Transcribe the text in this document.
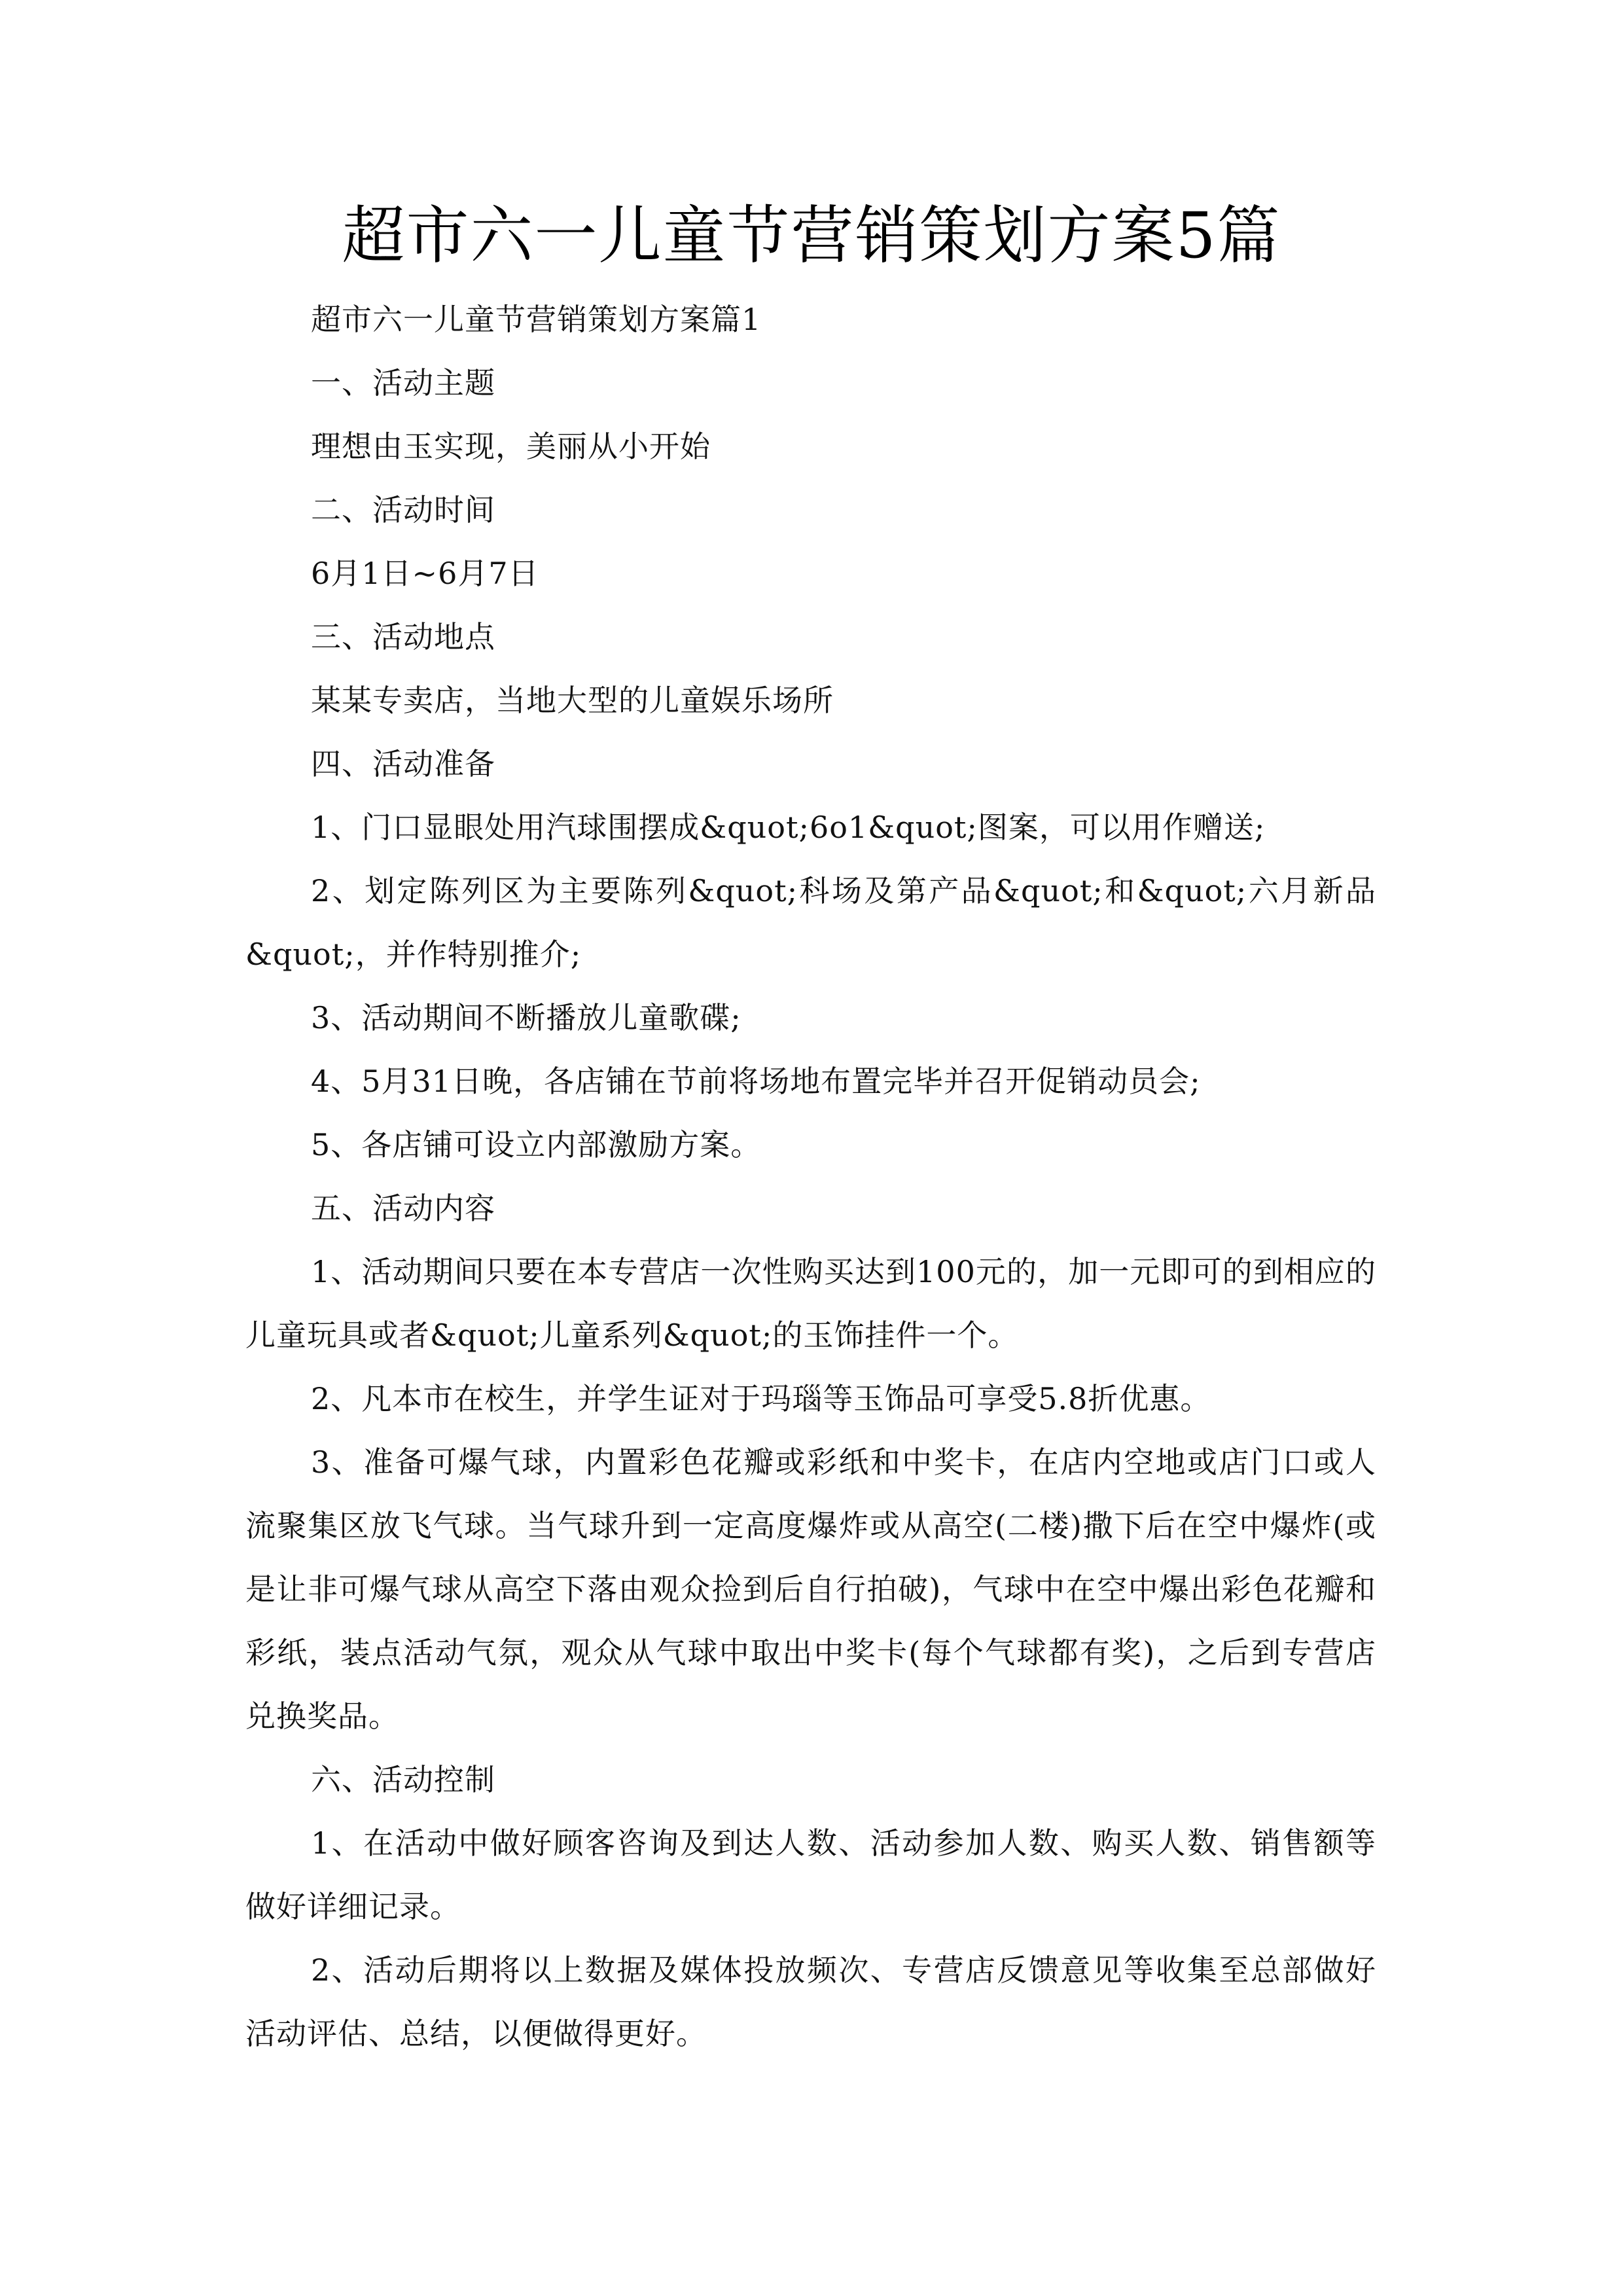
超市六一儿童节营销策划方案5篇

超市六一儿童节营销策划方案篇1

一、活动主题

理想由玉实现，美丽从小开始

二、活动时间

6月1日~6月7日

三、活动地点

某某专卖店，当地大型的儿童娱乐场所

四、活动准备

1、门口显眼处用汽球围摆成&quot;6o1&quot;图案，可以用作赠送;

2、划定陈列区为主要陈列&quot;科场及第产品&quot;和&quot;六月新品&quot;，并作特别推介;

3、活动期间不断播放儿童歌碟;

4、5月31日晚，各店铺在节前将场地布置完毕并召开促销动员会;

5、各店铺可设立内部激励方案。

五、活动内容

1、活动期间只要在本专营店一次性购买达到100元的，加一元即可的到相应的儿童玩具或者&quot;儿童系列&quot;的玉饰挂件一个。

2、凡本市在校生，并学生证对于玛瑙等玉饰品可享受5.8折优惠。

3、准备可爆气球，内置彩色花瓣或彩纸和中奖卡，在店内空地或店门口或人流聚集区放飞气球。当气球升到一定高度爆炸或从高空(二楼)撒下后在空中爆炸(或是让非可爆气球从高空下落由观众捡到后自行拍破)，气球中在空中爆出彩色花瓣和彩纸，装点活动气氛，观众从气球中取出中奖卡(每个气球都有奖)，之后到专营店兑换奖品。

六、活动控制

1、在活动中做好顾客咨询及到达人数、活动参加人数、购买人数、销售额等做好详细记录。

2、活动后期将以上数据及媒体投放频次、专营店反馈意见等收集至总部做好活动评估、总结，以便做得更好。
